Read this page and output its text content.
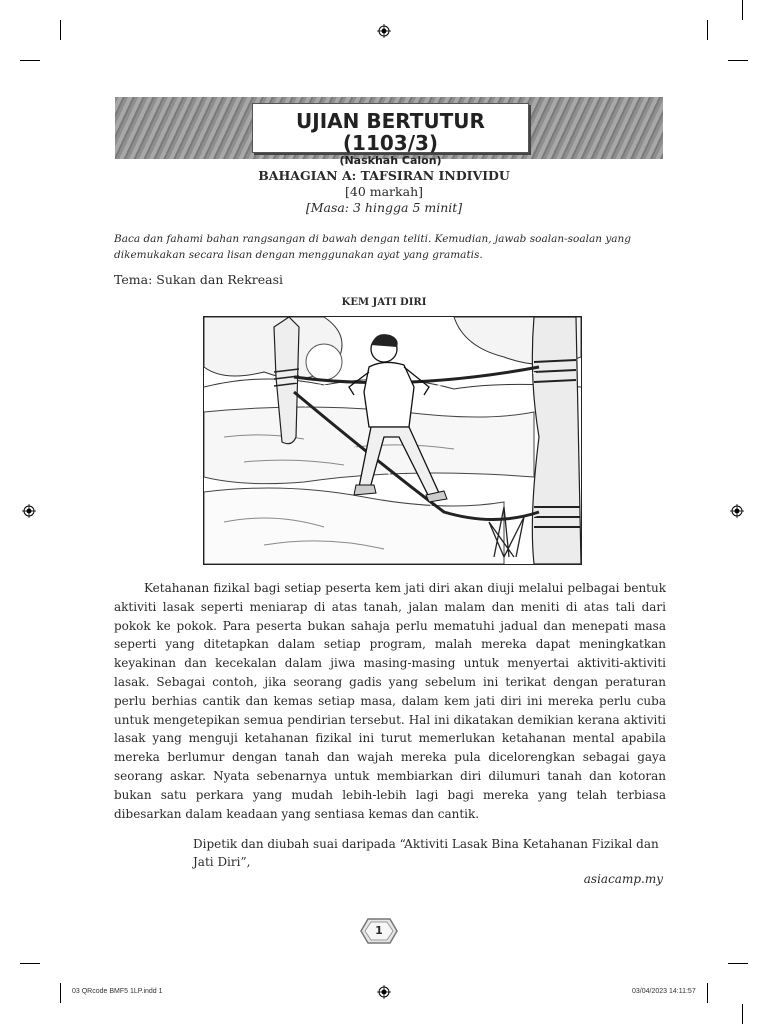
UJIAN BERTUTUR (1103/3)
(Naskhah Calon)
BAHAGIAN A: TAFSIRAN INDIVIDU
[40 markah]
[Masa: 3 hingga 5 minit]
Baca dan fahami bahan rangsangan di bawah dengan teliti. Kemudian, jawab soalan-soalan yang dikemukakan secara lisan dengan menggunakan ayat yang gramatis.
Tema: Sukan dan Rekreasi
KEM JATI DIRI

Ketahanan fizikal bagi setiap peserta kem jati diri akan diuji melalui pelbagai bentuk aktiviti lasak seperti meniarap di atas tanah, jalan malam dan meniti di atas tali dari pokok ke pokok. Para peserta bukan sahaja perlu mematuhi jadual dan menepati masa seperti yang ditetapkan dalam setiap program, malah mereka dapat meningkatkan keyakinan dan kecekalan dalam jiwa masing-masing untuk menyertai aktiviti-aktiviti lasak. Sebagai contoh, jika seorang gadis yang sebelum ini terikat dengan peraturan perlu berhias cantik dan kemas setiap masa, dalam kem jati diri ini mereka perlu cuba untuk mengetepikan semua pendirian tersebut. Hal ini dikatakan demikian kerana aktiviti lasak yang menguji ketahanan fizikal ini turut memerlukan ketahanan mental apabila mereka berlumur dengan tanah dan wajah mereka pula dicelorengkan sebagai gaya seorang askar. Nyata sebenarnya untuk membiarkan diri dilumuri tanah dan kotoran bukan satu perkara yang mudah lebih-lebih lagi bagi mereka yang telah terbiasa dibesarkan dalam keadaan yang sentiasa kemas dan cantik.

Dipetik dan diubah suai daripada “Aktiviti Lasak Bina Ketahanan Fizikal dan Jati Diri”,
asiacamp.my
1
03 QRcode BMF5 1LP.indd 1	03/04/2023 14:11:57
